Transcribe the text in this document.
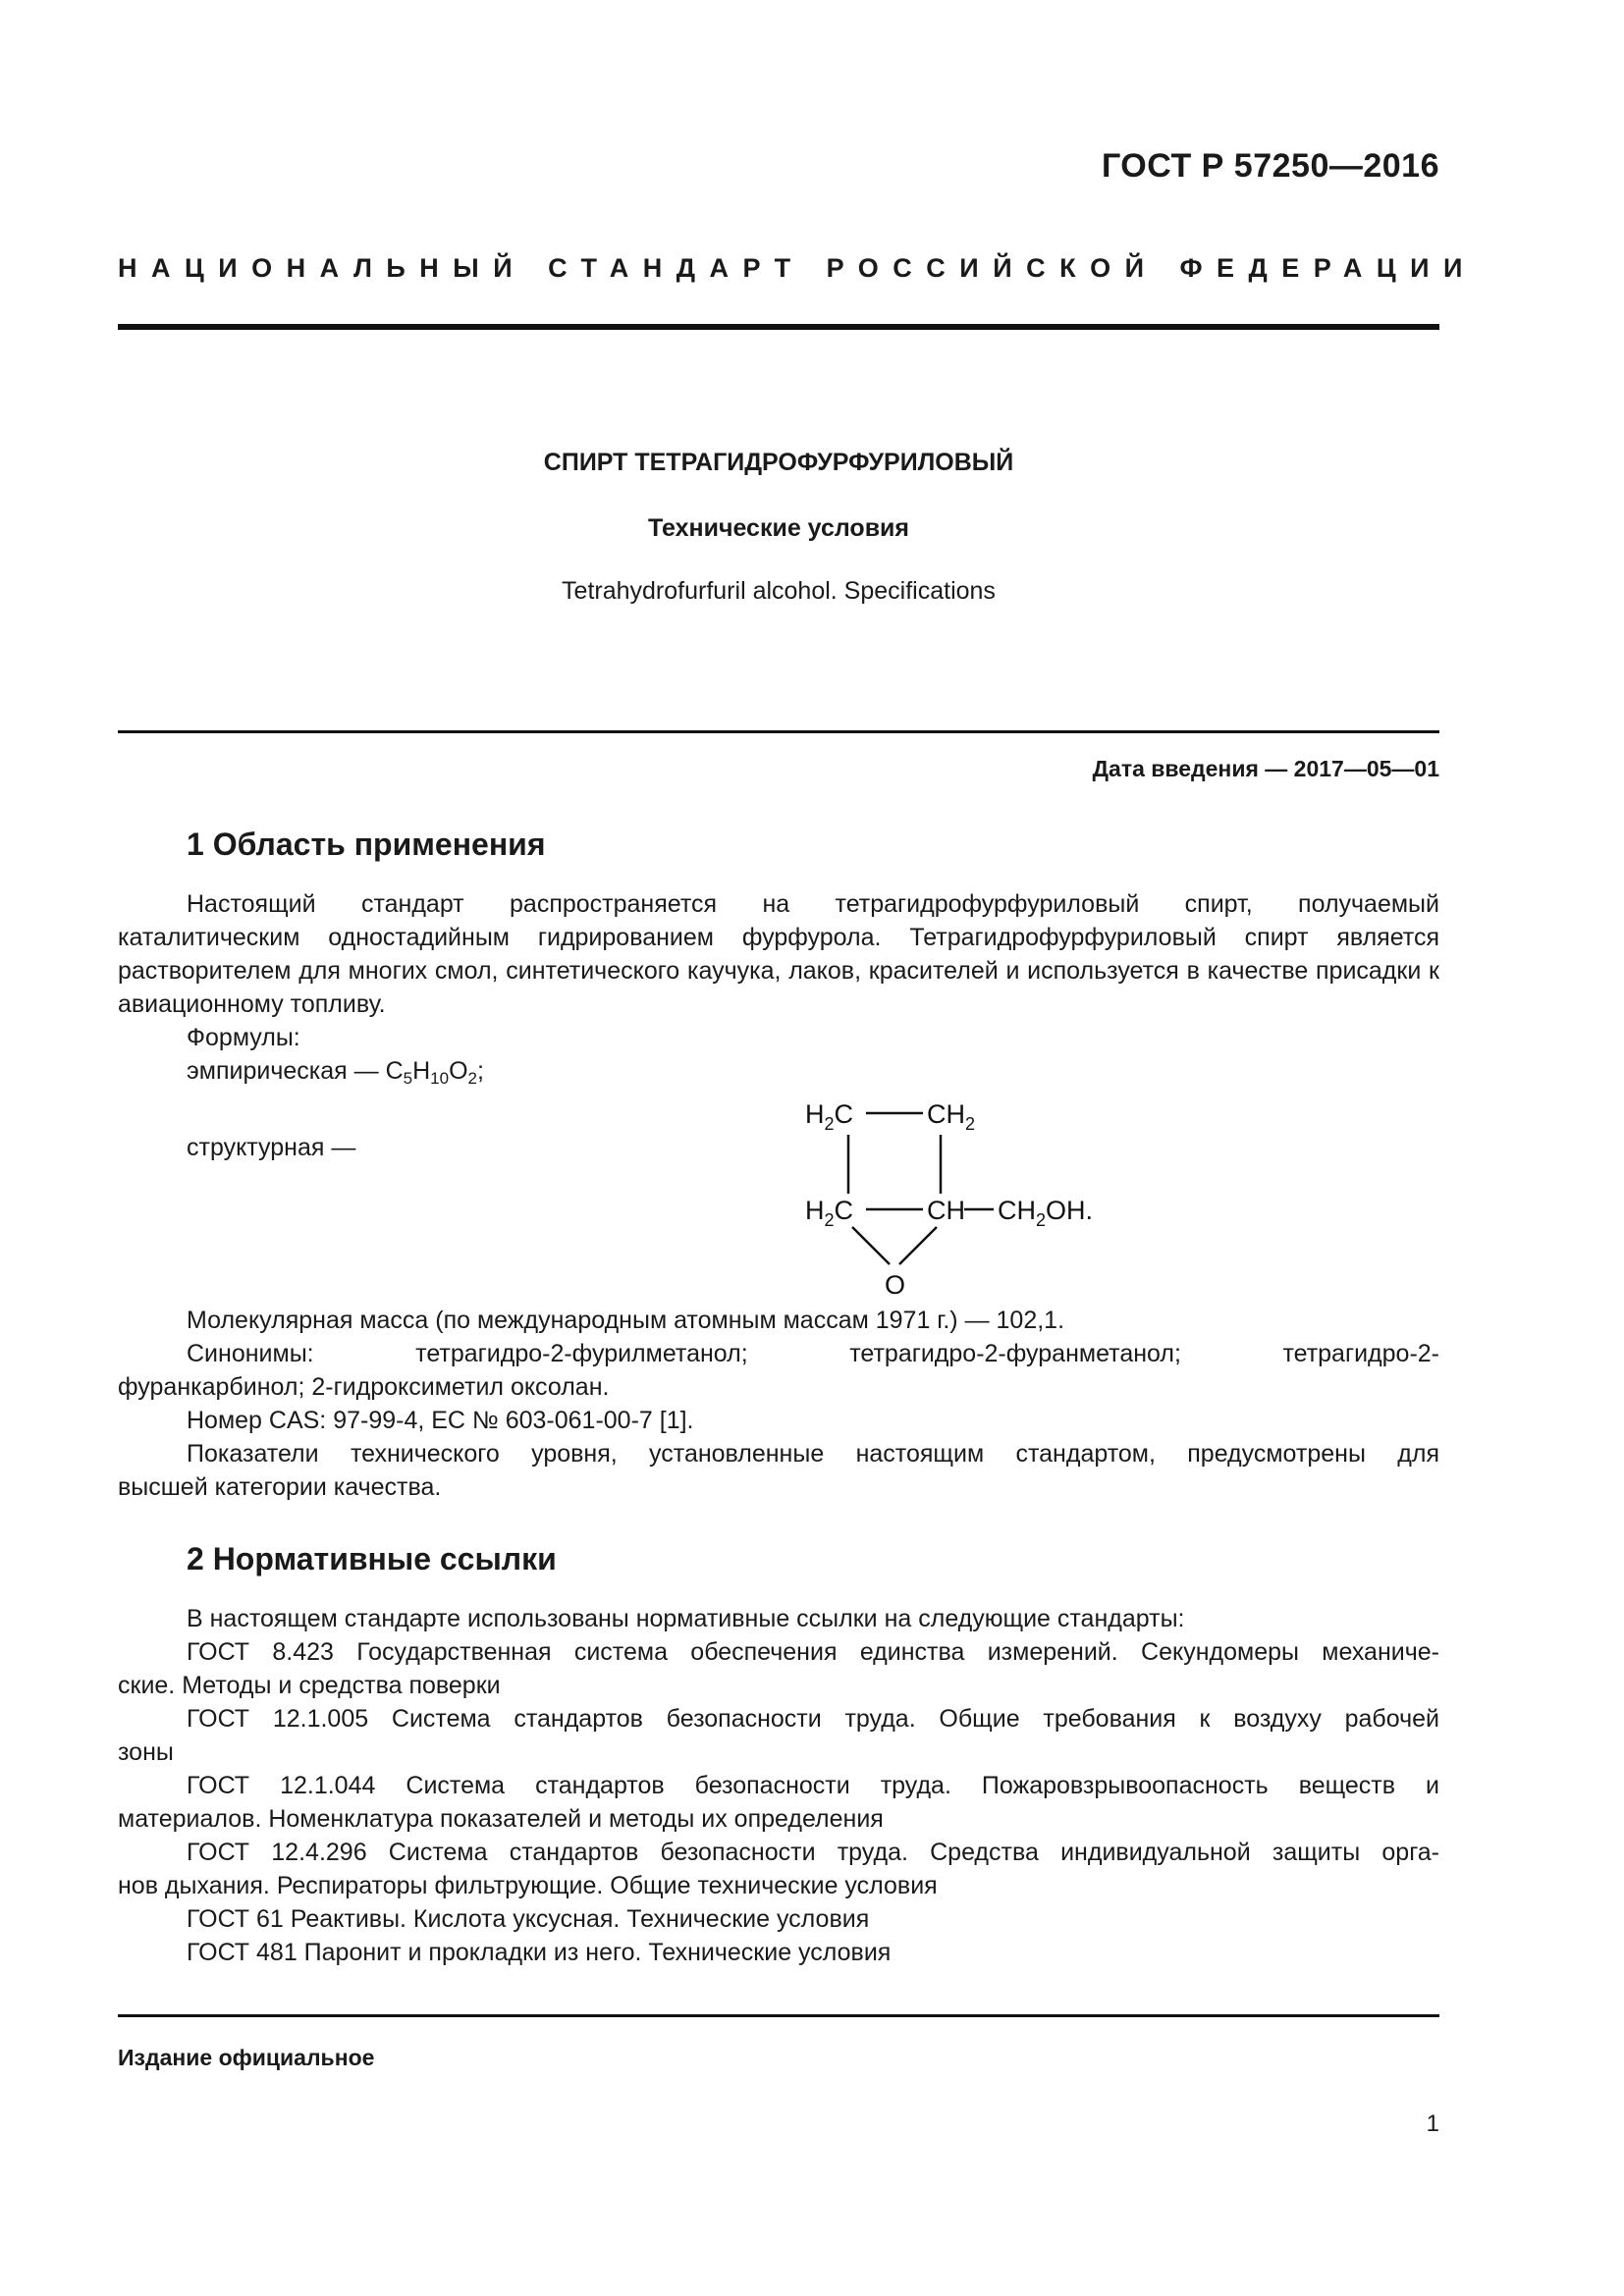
ГОСТ Р 57250—2016
НАЦИОНАЛЬНЫЙ СТАНДАРТ РОССИЙСКОЙ ФЕДЕРАЦИИ
СПИРТ ТЕТРАГИДРОФУРФУРИЛОВЫЙ
Технические условия
Tetrahydrofurfuril alcohol. Specifications
Дата введения — 2017—05—01
1 Область применения
Настоящий стандарт распространяется на тетрагидрофурфуриловый спирт, получаемый
каталитическим одностадийным гидрированием фурфурола. Тетрагидрофурфуриловый спирт является растворителем для многих смол, синтетического каучука, лаков, красителей и используется в качестве присадки к авиационному топливу.
Формулы:
эмпирическая — $C_5H_{10}O_2$;
структурная —
$H_2C$	$CH_2$
$H_2C$	CH $CH_2OH$.
O
Молекулярная масса (по международным атомным массам 1971 г.) — 102,1.
Синонимы: тетрагидро-2-фурилметанол; тетрагидро-2-фуранметанол; тетрагидро-2-
фуранкарбинол; 2-гидроксиметил оксолан.
Номер CAS: 97-99-4, ЕС № 603-061-00-7 [1].
Показатели технического уровня, установленные настоящим стандартом, предусмотрены для
высшей категории качества.
2 Нормативные ссылки
В настоящем стандарте использованы нормативные ссылки на следующие стандарты:
ГОСТ 8.423 Государственная система обеспечения единства измерений. Секундомеры механиче-
ские. Методы и средства поверки
ГОСТ 12.1.005 Система стандартов безопасности труда. Общие требования к воздуху рабочей
зоны
ГОСТ 12.1.044 Система стандартов безопасности труда. Пожаровзрывоопасность веществ и
материалов. Номенклатура показателей и методы их определения
ГОСТ 12.4.296 Система стандартов безопасности труда. Средства индивидуальной защиты орга-
нов дыхания. Респираторы фильтрующие. Общие технические условия
ГОСТ 61 Реактивы. Кислота уксусная. Технические условия
ГОСТ 481 Паронит и прокладки из него. Технические условия
Издание официальное
1
